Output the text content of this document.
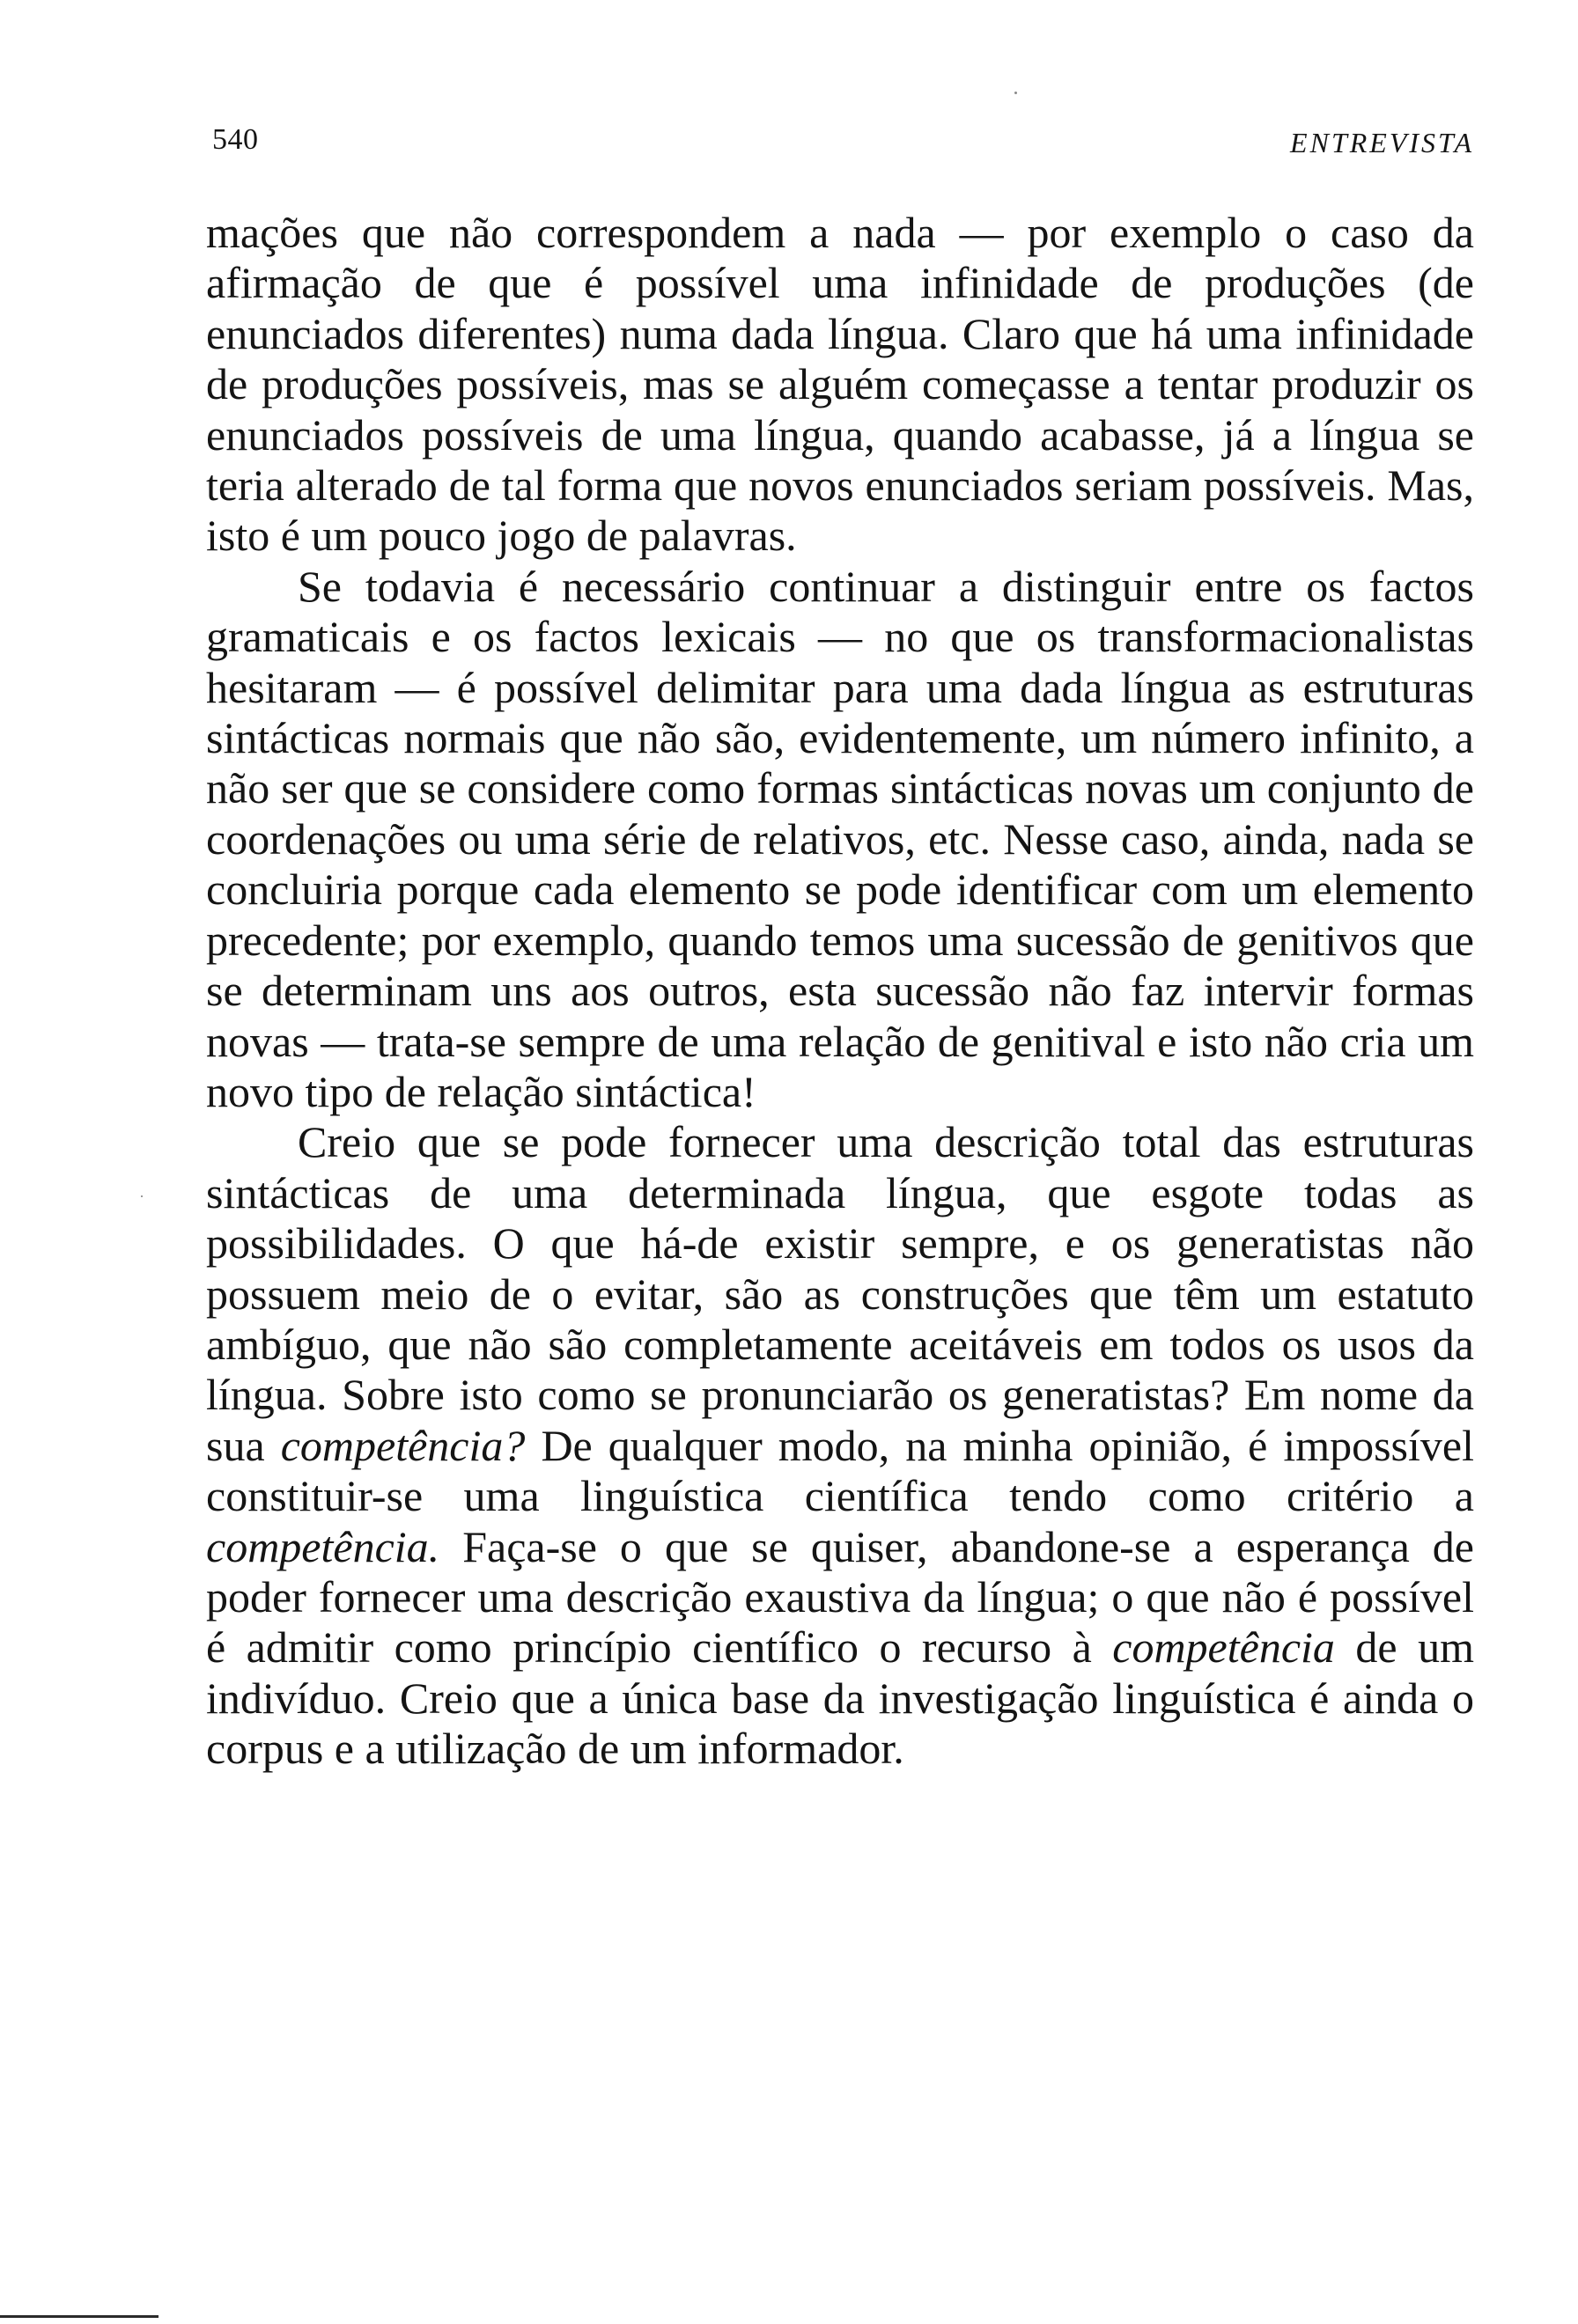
540	ENTREVISTA

mações que não correspondem a nada — por exemplo o caso da afirmação de que é possível uma infinidade de produções (de enunciados diferentes) numa dada língua. Claro que há uma infinidade de produções possíveis, mas se alguém começasse a tentar produzir os enunciados possíveis de uma língua, quando acabasse, já a língua se teria alterado de tal forma que novos enunciados seriam possíveis. Mas, isto é um pouco jogo de palavras.

Se todavia é necessário continuar a distinguir entre os factos gramaticais e os factos lexicais — no que os transformacionalistas hesitaram — é possível delimitar para uma dada língua as estruturas sintácticas normais que não são, evidentemente, um número infinito, a não ser que se considere como formas sintácticas novas um conjunto de coordenações ou uma série de relativos, etc. Nesse caso, ainda, nada se concluiria porque cada elemento se pode identificar com um elemento precedente; por exemplo, quando temos uma sucessão de genitivos que se determinam uns aos outros, esta sucessão não faz intervir formas novas — trata-se sempre de uma relação de genitival e isto não cria um novo tipo de relação sintáctica!

Creio que se pode fornecer uma descrição total das estruturas sintácticas de uma determinada língua, que esgote todas as possibilidades. O que há-de existir sempre, e os generatistas não possuem meio de o evitar, são as construções que têm um estatuto ambíguo, que não são completamente aceitáveis em todos os usos da língua. Sobre isto como se pronunciarão os generatistas? Em nome da sua competência? De qualquer modo, na minha opinião, é impossível constituir-se uma linguística científica tendo como critério a competência. Faça-se o que se quiser, abandone-se a esperança de poder fornecer uma descrição exaustiva da língua; o que não é possível é admitir como princípio científico o recurso à competência de um indivíduo. Creio que a única base da investigação linguística é ainda o corpus e a utilização de um informador.
